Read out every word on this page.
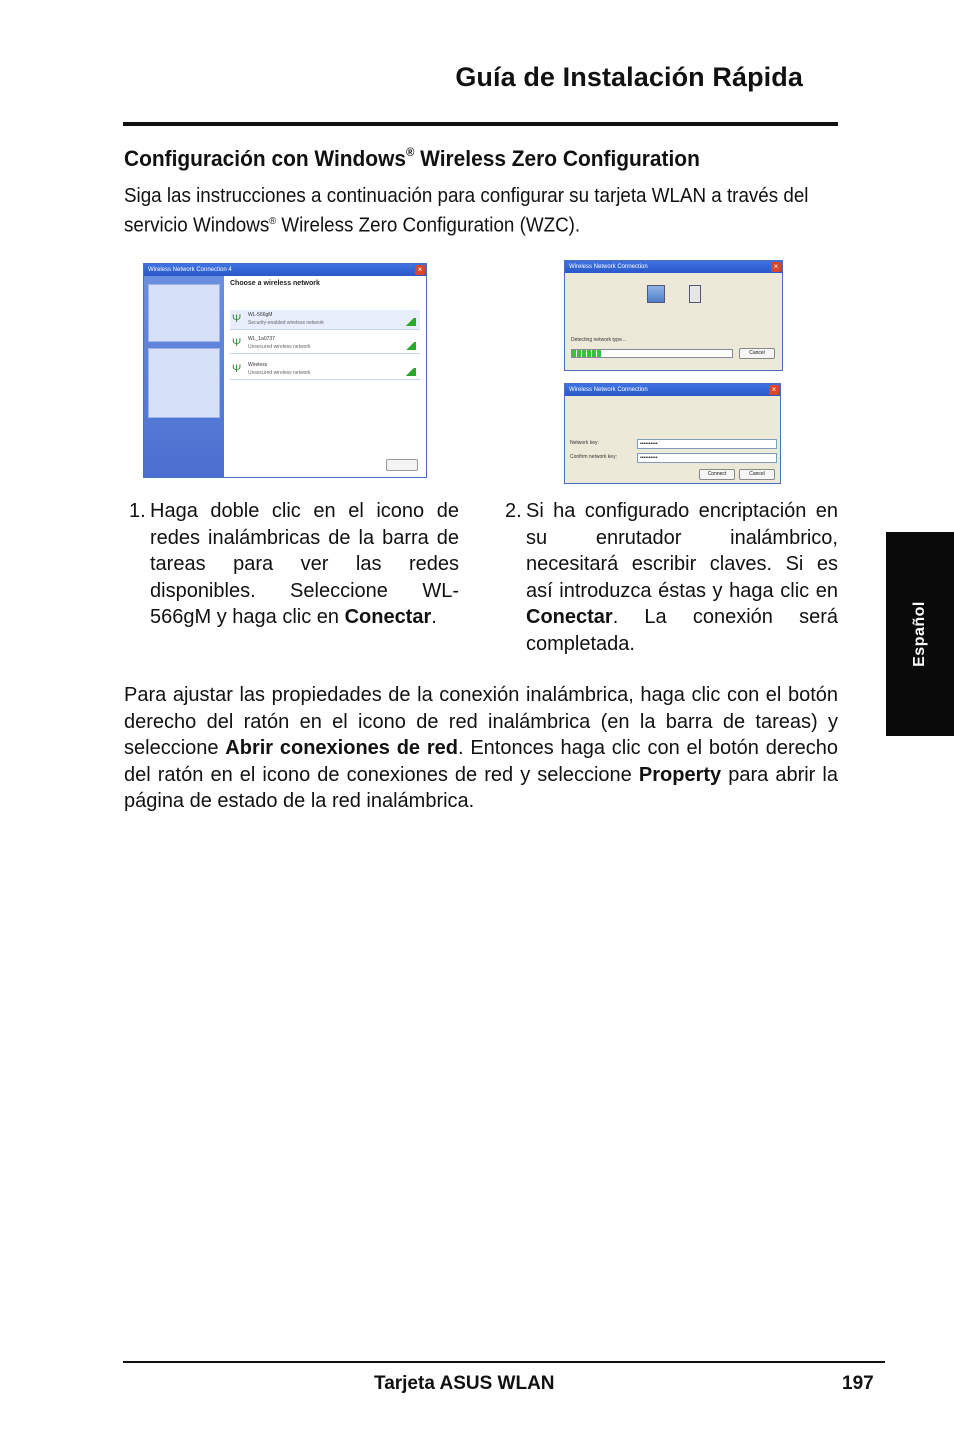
Guía de Instalación Rápida
Configuración con Windows® Wireless Zero Configuration
Siga las instrucciones a continuación para configurar su tarjeta WLAN a través del servicio Windows® Wireless Zero Configuration (WZC).
Wireless Network Connection 4	×
Choose a wireless network
Ψ	WL-566gM
Security-enabled wireless network
Ψ	WL_1a0737
Unsecured wireless network
Ψ	Wireless
Unsecured wireless network
Wireless Network Connection	×
Detecting network type...
Cancel
Wireless Network Connection	×
Network key:	••••••••••
Confirm network key:	••••••••••
Connect	Cancel
1. Haga doble clic en el icono de redes inalámbricas de la barra de tareas para ver las redes disponibles. Seleccione WL-566gM y haga clic en Conectar.
2. Si ha configurado encriptación en su enrutador inalámbrico, necesitará escribir claves. Si es así introduzca éstas y haga clic en Conectar. La conexión será completada.
Para ajustar las propiedades de la conexión inalámbrica, haga clic con el botón derecho del ratón en el icono de red inalámbrica (en la barra de tareas) y seleccione Abrir conexiones de red. Entonces haga clic con el botón derecho del ratón en el icono de conexiones de red y seleccione Property para abrir la página de estado de la red inalámbrica.
Español
Tarjeta ASUS WLAN	197
